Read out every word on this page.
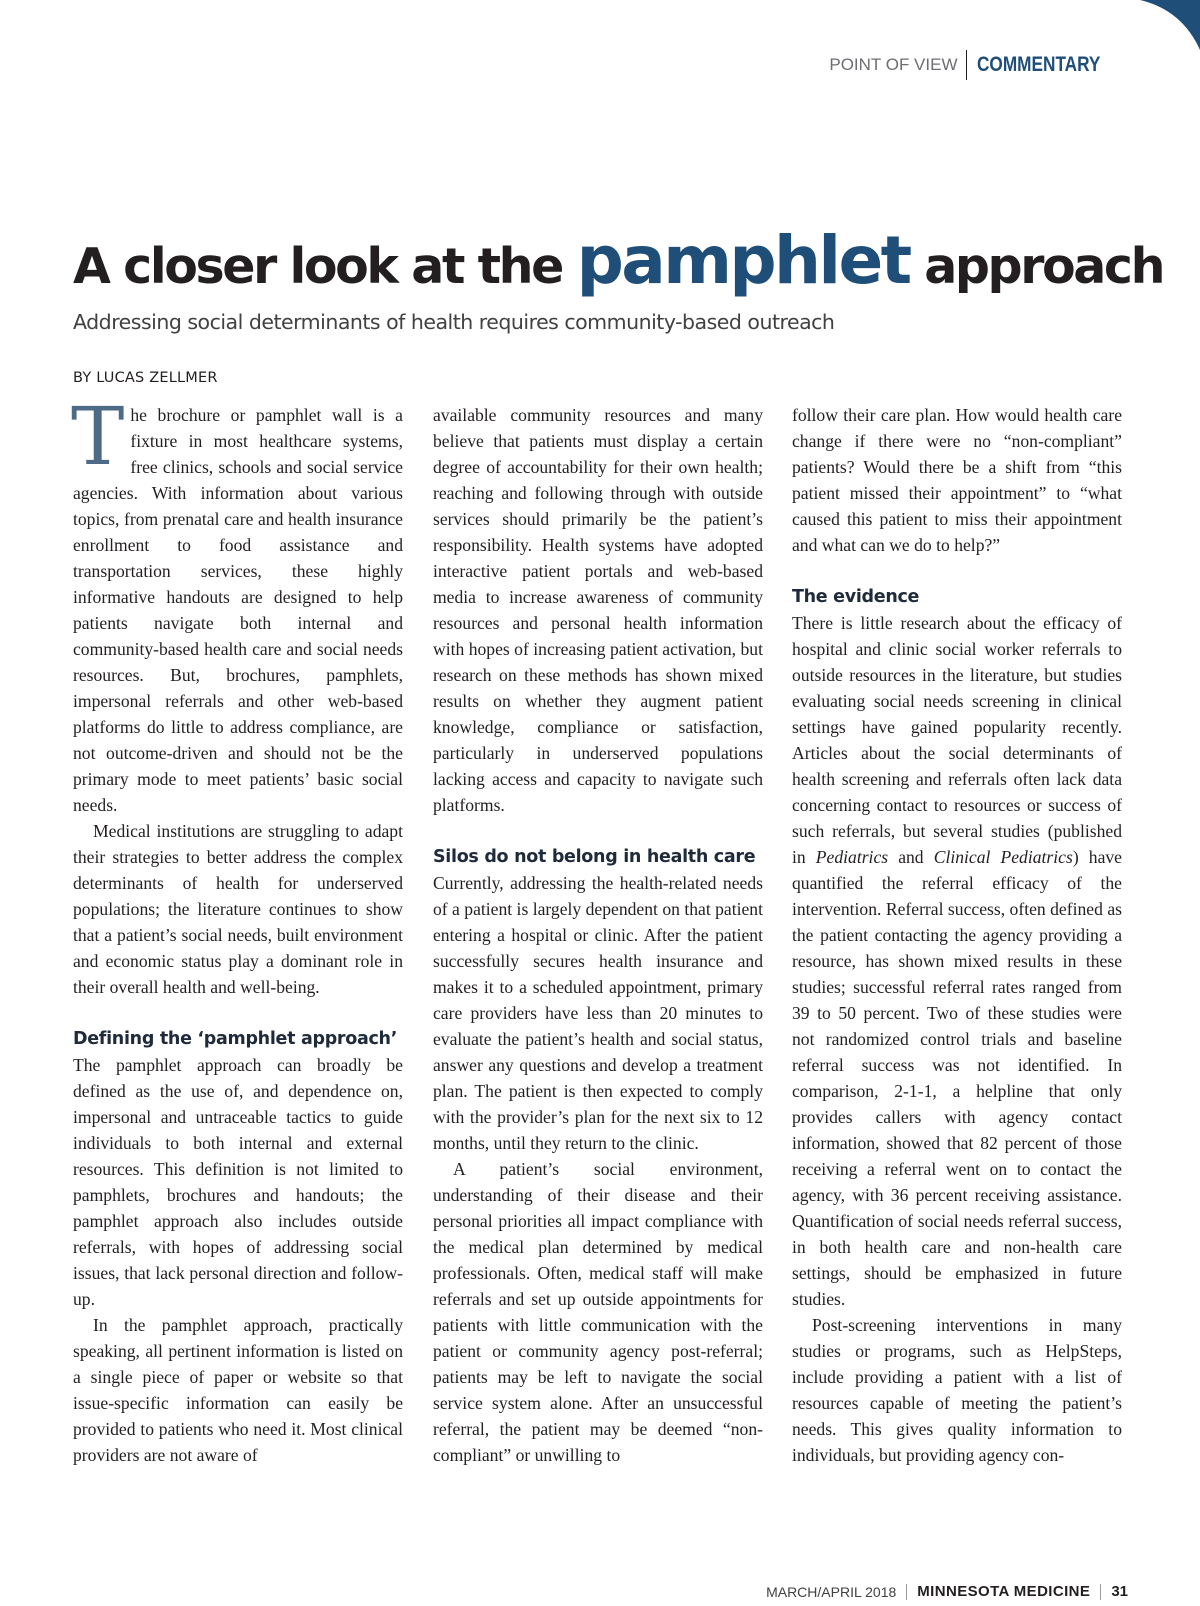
POINT OF VIEW COMMENTARY
A closer look at the pamphlet approach
Addressing social determinants of health requires community-based outreach
BY LUCAS ZELLMER

The brochure or pamphlet wall is a fixture in most healthcare systems, free clinics, schools and social service agencies. With information about various topics, from prenatal care and health insurance enrollment to food assistance and transportation services, these highly informative handouts are designed to help patients navigate both internal and community-based health care and social needs resources. But, brochures, pamphlets, impersonal referrals and other web-based platforms do little to address compliance, are not outcome-driven and should not be the primary mode to meet patients’ basic social needs.

Medical institutions are struggling to adapt their strategies to better address the complex determinants of health for underserved populations; the literature continues to show that a patient’s social needs, built environment and economic status play a dominant role in their overall health and well-being.

Defining the ‘pamphlet approach’

The pamphlet approach can broadly be defined as the use of, and dependence on, impersonal and untraceable tactics to guide individuals to both internal and external resources. This definition is not limited to pamphlets, brochures and handouts; the pamphlet approach also includes outside referrals, with hopes of addressing social issues, that lack personal direction and follow-up.

In the pamphlet approach, practically speaking, all pertinent information is listed on a single piece of paper or website so that issue-specific information can easily be provided to patients who need it. Most clinical providers are not aware of

available community resources and many believe that patients must display a certain degree of accountability for their own health; reaching and following through with outside services should primarily be the patient’s responsibility. Health systems have adopted interactive patient portals and web-based media to increase awareness of community resources and personal health information with hopes of increasing patient activation, but research on these methods has shown mixed results on whether they augment patient knowledge, compliance or satisfaction, particularly in underserved populations lacking access and capacity to navigate such platforms.

Silos do not belong in health care

Currently, addressing the health-related needs of a patient is largely dependent on that patient entering a hospital or clinic. After the patient successfully secures health insurance and makes it to a scheduled appointment, primary care providers have less than 20 minutes to evaluate the patient’s health and social status, answer any questions and develop a treatment plan. The patient is then expected to comply with the provider’s plan for the next six to 12 months, until they return to the clinic.

A patient’s social environment, understanding of their disease and their personal priorities all impact compliance with the medical plan determined by medical professionals. Often, medical staff will make referrals and set up outside appointments for patients with little communication with the patient or community agency post-referral; patients may be left to navigate the social service system alone. After an unsuccessful referral, the patient may be deemed “non-compliant” or unwilling to

follow their care plan. How would health care change if there were no “non-compliant” patients? Would there be a shift from “this patient missed their appointment” to “what caused this patient to miss their appointment and what can we do to help?”

The evidence

There is little research about the efficacy of hospital and clinic social worker referrals to outside resources in the literature, but studies evaluating social needs screening in clinical settings have gained popularity recently. Articles about the social determinants of health screening and referrals often lack data concerning contact to resources or success of such referrals, but several studies (published in Pediatrics and Clinical Pediatrics) have quantified the referral efficacy of the intervention. Referral success, often defined as the patient contacting the agency providing a resource, has shown mixed results in these studies; successful referral rates ranged from 39 to 50 percent. Two of these studies were not randomized control trials and baseline referral success was not identified. In comparison, 2-1-1, a helpline that only provides callers with agency contact information, showed that 82 percent of those receiving a referral went on to contact the agency, with 36 percent receiving assistance. Quantification of social needs referral success, in both health care and non-health care settings, should be emphasized in future studies.

Post-screening interventions in many studies or programs, such as HelpSteps, include providing a patient with a list of resources capable of meeting the patient’s needs. This gives quality information to individuals, but providing agency con-

MARCH/APRIL 2018 MINNESOTA MEDICINE 31
